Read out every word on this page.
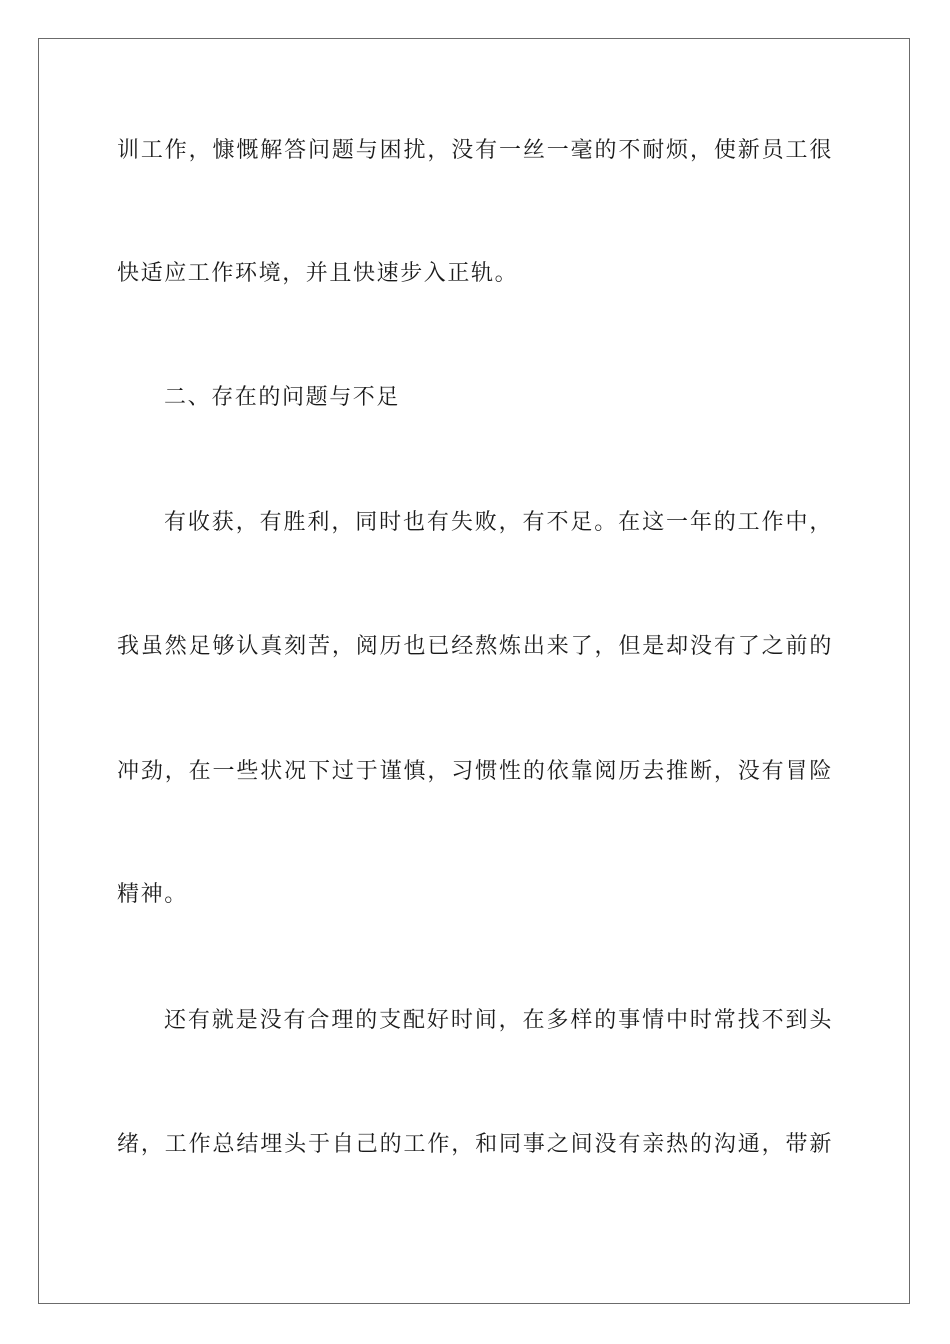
训工作，慷慨解答问题与困扰，没有一丝一毫的不耐烦，使新员工很

快适应工作环境，并且快速步入正轨。

二、存在的问题与不足

有收获，有胜利，同时也有失败，有不足。在这一年的工作中，

我虽然足够认真刻苦，阅历也已经熬炼出来了，但是却没有了之前的

冲劲，在一些状况下过于谨慎，习惯性的依靠阅历去推断，没有冒险

精神。

还有就是没有合理的支配好时间，在多样的事情中时常找不到头

绪，工作总结埋头于自己的工作，和同事之间没有亲热的沟通，带新
